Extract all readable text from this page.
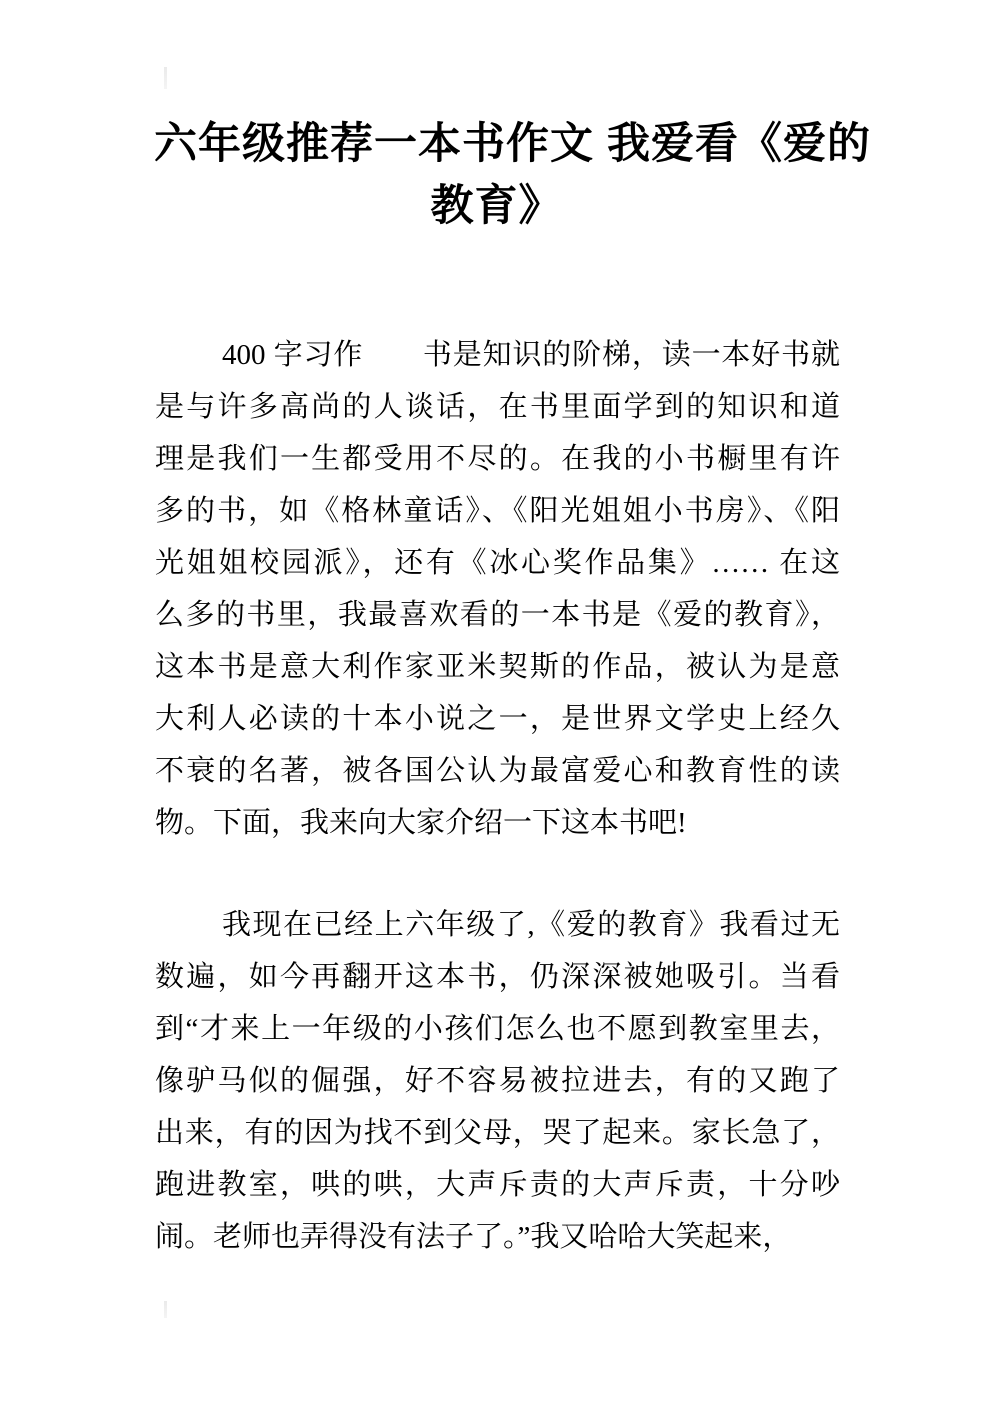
六年级推荐一本书作文 我爱看《爱的
教育》
400 字习作　　书是知识的阶梯，读一本好书就
是与许多高尚的人谈话，在书里面学到的知识和道
理是我们一生都受用不尽的。在我的小书橱里有许
多的书，如《格林童话》、《阳光姐姐小书房》、《阳
光姐姐校园派》，还有《冰心奖作品集》…… 在这
么多的书里，我最喜欢看的一本书是《爱的教育》，
这本书是意大利作家亚米契斯的作品，被认为是意
大利人必读的十本小说之一，是世界文学史上经久
不衰的名著，被各国公认为最富爱心和教育性的读
物。下面，我来向大家介绍一下这本书吧!
我现在已经上六年级了,《爱的教育》我看过无
数遍，如今再翻开这本书，仍深深被她吸引。当看
到“才来上一年级的小孩们怎么也不愿到教室里去，
像驴马似的倔强，好不容易被拉进去，有的又跑了
出来，有的因为找不到父母，哭了起来。家长急了，
跑进教室，哄的哄，大声斥责的大声斥责，十分吵
闹。老师也弄得没有法子了。”我又哈哈大笑起来，
